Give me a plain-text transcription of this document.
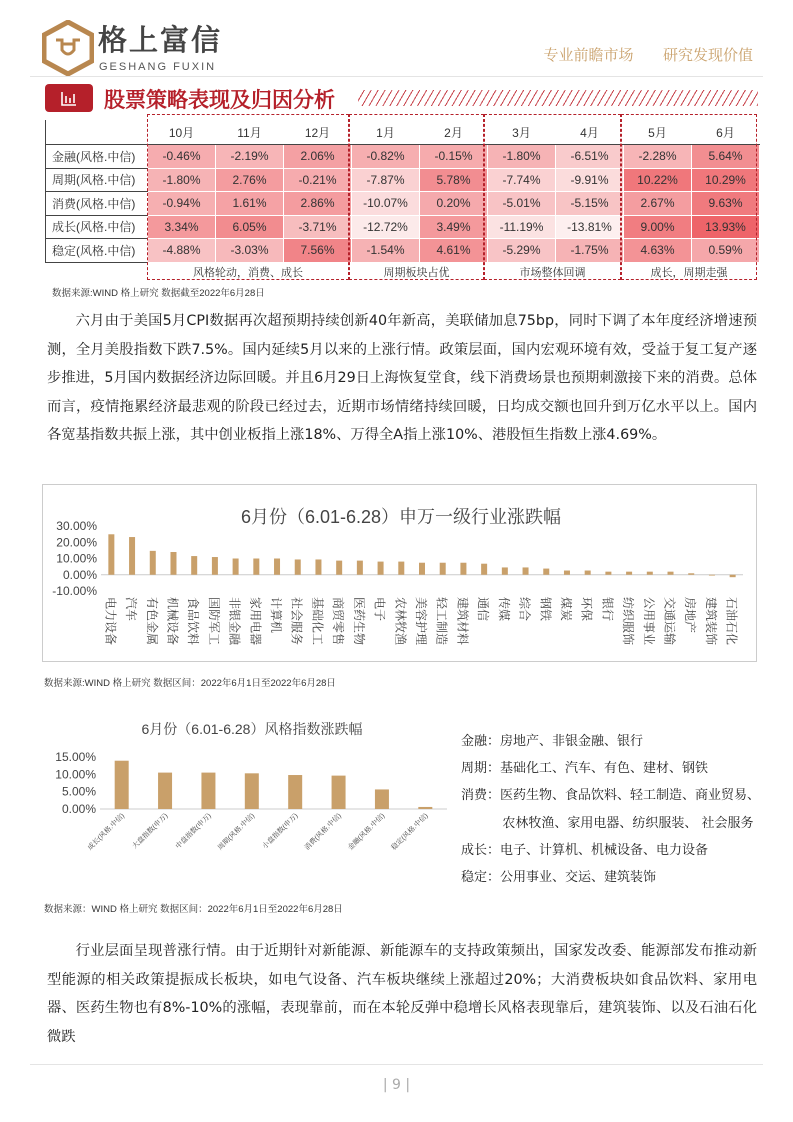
格上富信
GESHANG FUXIN
专业前瞻市场  研究发现价值
股票策略表现及归因分析
	10月	11月	12月	1月	2月	3月	4月	5月	6月
金融(风格.中信)	-0.46%	-2.19%	2.06%	-0.82%	-0.15%	-1.80%	-6.51%	-2.28%	5.64%
周期(风格.中信)	-1.80%	2.76%	-0.21%	-7.87%	5.78%	-7.74%	-9.91%	10.22%	10.29%
消费(风格.中信)	-0.94%	1.61%	2.86%	-10.07%	0.20%	-5.01%	-5.15%	2.67%	9.63%
成长(风格.中信)	3.34%	6.05%	-3.71%	-12.72%	3.49%	-11.19%	-13.81%	9.00%	13.93%
稳定(风格.中信)	-4.88%	-3.03%	7.56%	-1.54%	4.61%	-5.29%	-1.75%	4.63%	0.59%
风格轮动，消费、成长	周期板块占优	市场整体回调	成长，周期走强
数据来源:WIND 格上研究 数据截至2022年6月28日
六月由于美国5月CPI数据再次超预期持续创新40年新高，美联储加息75bp，同时下调了本年度经济增速预测，全月美股指数下跌7.5%。国内延续5月以来的上涨行情。政策层面，国内宏观环境有效，受益于复工复产逐步推进，5月国内数据经济边际回暖。并且6月29日上海恢复堂食，线下消费场景也预期刺激接下来的消费。总体而言，疫情拖累经济最悲观的阶段已经过去，近期市场情绪持续回暖，日均成交额也回升到万亿水平以上。国内各宽基指数共振上涨，其中创业板指上涨18%、万得全A指上涨10%、港股恒生指数上涨4.69%。
6月份（6.01-6.28）申万一级行业涨跌幅
30.00%
20.00%
10.00%
0.00%
-10.00%
电力设备 汽车 有色金属 机械设备 食品饮料 国防军工 非银金融 家用电器 计算机 社会服务 基础化工 商贸零售 医药生物 电子 农林牧渔 美容护理 轻工制造 建筑材料 通信 传媒 综合 钢铁 煤炭 环保 银行 纺织服饰 公用事业 交通运输 房地产 建筑装饰 石油石化
数据来源:WIND 格上研究 数据区间：2022年6月1日至2022年6月28日
6月份（6.01-6.28）风格指数涨跌幅
15.00%
10.00%
5.00%
0.00%
成长(风格.中信) 大盘指数(申万) 中盘指数(申万) 周期(风格.中信) 小盘指数(申万) 消费(风格.中信) 金融(风格.中信) 稳定(风格.中信)
金融：房地产、非银金融、银行
周期：基础化工、汽车、有色、建材、钢铁
消费：医药生物、食品饮料、轻工制造、商业贸易、
农林牧渔、家用电器、纺织服装、 社会服务
成长：电子、计算机、机械设备、电力设备
稳定：公用事业、交运、建筑装饰
数据来源：WIND 格上研究 数据区间：2022年6月1日至2022年6月28日
行业层面呈现普涨行情。由于近期针对新能源、新能源车的支持政策频出，国家发改委、能源部发布推动新型能源的相关政策提振成长板块，如电气设备、汽车板块继续上涨超过20%；大消费板块如食品饮料、家用电器、医药生物也有8%-10%的涨幅，表现靠前，而在本轮反弹中稳增长风格表现靠后，建筑装饰、以及石油石化微跌
| 9 |
